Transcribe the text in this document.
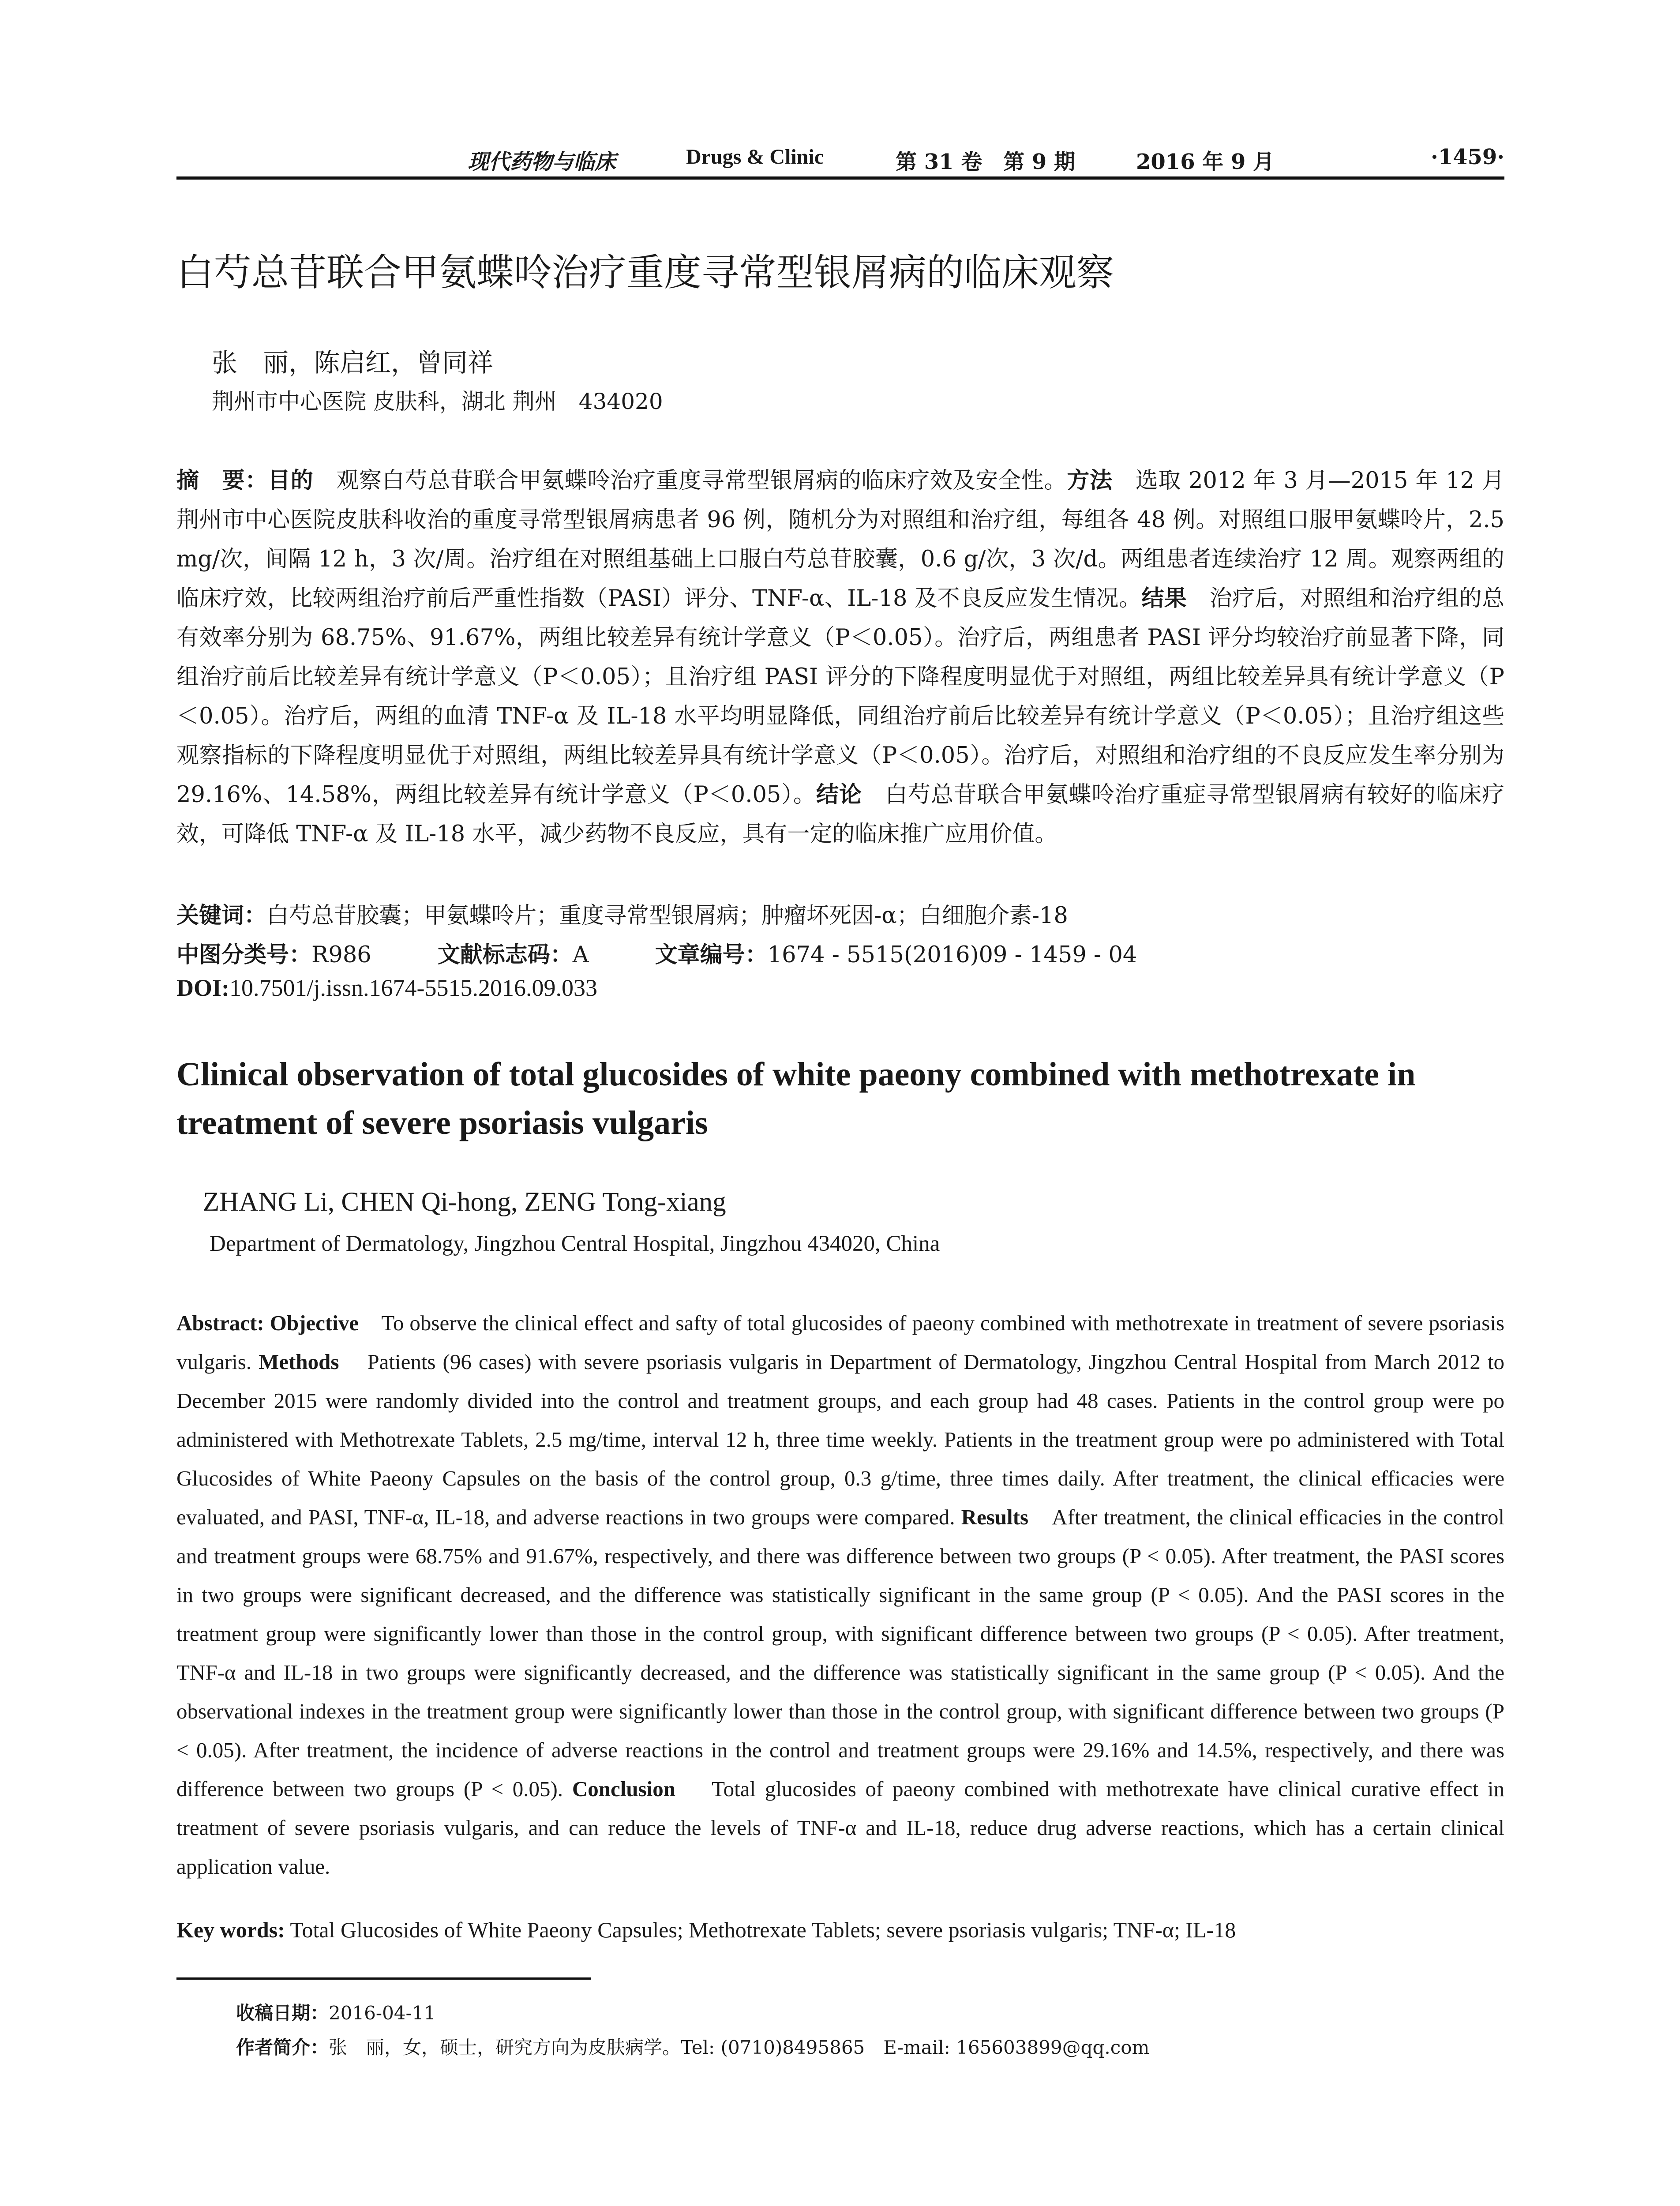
现代药物与临床	Drugs & Clinic	第 31 卷　第 9 期	2016 年 9 月	·1459·
白芍总苷联合甲氨蝶呤治疗重度寻常型银屑病的临床观察
张　丽，陈启红，曾同祥
荆州市中心医院 皮肤科，湖北 荆州　434020

摘　要：目的　 观察白芍总苷联合甲氨蝶呤治疗重度寻常型银屑病的临床疗效及安全性。方法　 选取 2012 年 3 月—2015 年 12 月荆州市中心医院皮肤科收治的重度寻常型银屑病患者 96 例，随机分为对照组和治疗组，每组各 48 例。对照组口服甲氨蝶呤片，2.5 mg/次，间隔 12 h，3 次/周。治疗组在对照组基础上口服白芍总苷胶囊，0.6 g/次，3 次/d。两组患者连续治疗 12 周。观察两组的临床疗效，比较两组治疗前后严重性指数（PASI）评分、TNF-α、IL-18 及不良反应发生情况。结果　 治疗后，对照组和治疗组的总有效率分别为 68.75%、91.67%，两组比较差异有统计学意义（P＜0.05）。治疗后，两组患者 PASI 评分均较治疗前显著下降，同组治疗前后比较差异有统计学意义（P＜0.05）；且治疗组 PASI 评分的下降程度明显优于对照组，两组比较差异具有统计学意义（P＜0.05）。治疗后，两组的血清 TNF-α 及 IL-18 水平均明显降低，同组治疗前后比较差异有统计学意义（P＜0.05）；且治疗组这些观察指标的下降程度明显优于对照组，两组比较差异具有统计学意义（P＜0.05）。治疗后，对照组和治疗组的不良反应发生率分别为 29.16%、14.58%，两组比较差异有统计学意义（P＜0.05）。结论　 白芍总苷联合甲氨蝶呤治疗重症寻常型银屑病有较好的临床疗效，可降低 TNF-α 及 IL-18 水平，减少药物不良反应，具有一定的临床推广应用价值。

关键词：白芍总苷胶囊；甲氨蝶呤片；重度寻常型银屑病；肿瘤坏死因-α；白细胞介素-18
中图分类号：R986	文献标志码：A	文章编号：1674 - 5515(2016)09 - 1459 - 04
DOI:10.7501/j.issn.1674-5515.2016.09.033
Clinical observation of total glucosides of white paeony combined with methotrexate in treatment of severe psoriasis vulgaris
ZHANG Li, CHEN Qi-hong, ZENG Tong-xiang
Department of Dermatology, Jingzhou Central Hospital, Jingzhou 434020, China

Abstract: Objective To observe the clinical effect and safty of total glucosides of paeony combined with methotrexate in treatment of severe psoriasis vulgaris. Methods Patients (96 cases) with severe psoriasis vulgaris in Department of Dermatology, Jingzhou Central Hospital from March 2012 to December 2015 were randomly divided into the control and treatment groups, and each group had 48 cases. Patients in the control group were po administered with Methotrexate Tablets, 2.5 mg/time, interval 12 h, three time weekly. Patients in the treatment group were po administered with Total Glucosides of White Paeony Capsules on the basis of the control group, 0.3 g/time, three times daily. After treatment, the clinical efficacies were evaluated, and PASI, TNF-α, IL-18, and adverse reactions in two groups were compared. Results After treatment, the clinical efficacies in the control and treatment groups were 68.75% and 91.67%, respectively, and there was difference between two groups (P < 0.05). After treatment, the PASI scores in two groups were significant decreased, and the difference was statistically significant in the same group (P < 0.05). And the PASI scores in the treatment group were significantly lower than those in the control group, with significant difference between two groups (P < 0.05). After treatment, TNF-α and IL-18 in two groups were significantly decreased, and the difference was statistically significant in the same group (P < 0.05). And the observational indexes in the treatment group were significantly lower than those in the control group, with significant difference between two groups (P < 0.05). After treatment, the incidence of adverse reactions in the control and treatment groups were 29.16% and 14.5%, respectively, and there was difference between two groups (P < 0.05). Conclusion Total glucosides of paeony combined with methotrexate have clinical curative effect in treatment of severe psoriasis vulgaris, and can reduce the levels of TNF-α and IL-18, reduce drug adverse reactions, which has a certain clinical application value.

Key words: Total Glucosides of White Paeony Capsules; Methotrexate Tablets; severe psoriasis vulgaris; TNF-α; IL-18
收稿日期：2016-04-11
作者简介：张　丽，女，硕士，研究方向为皮肤病学。Tel: (0710)8495865　E-mail: 165603899@qq.com
